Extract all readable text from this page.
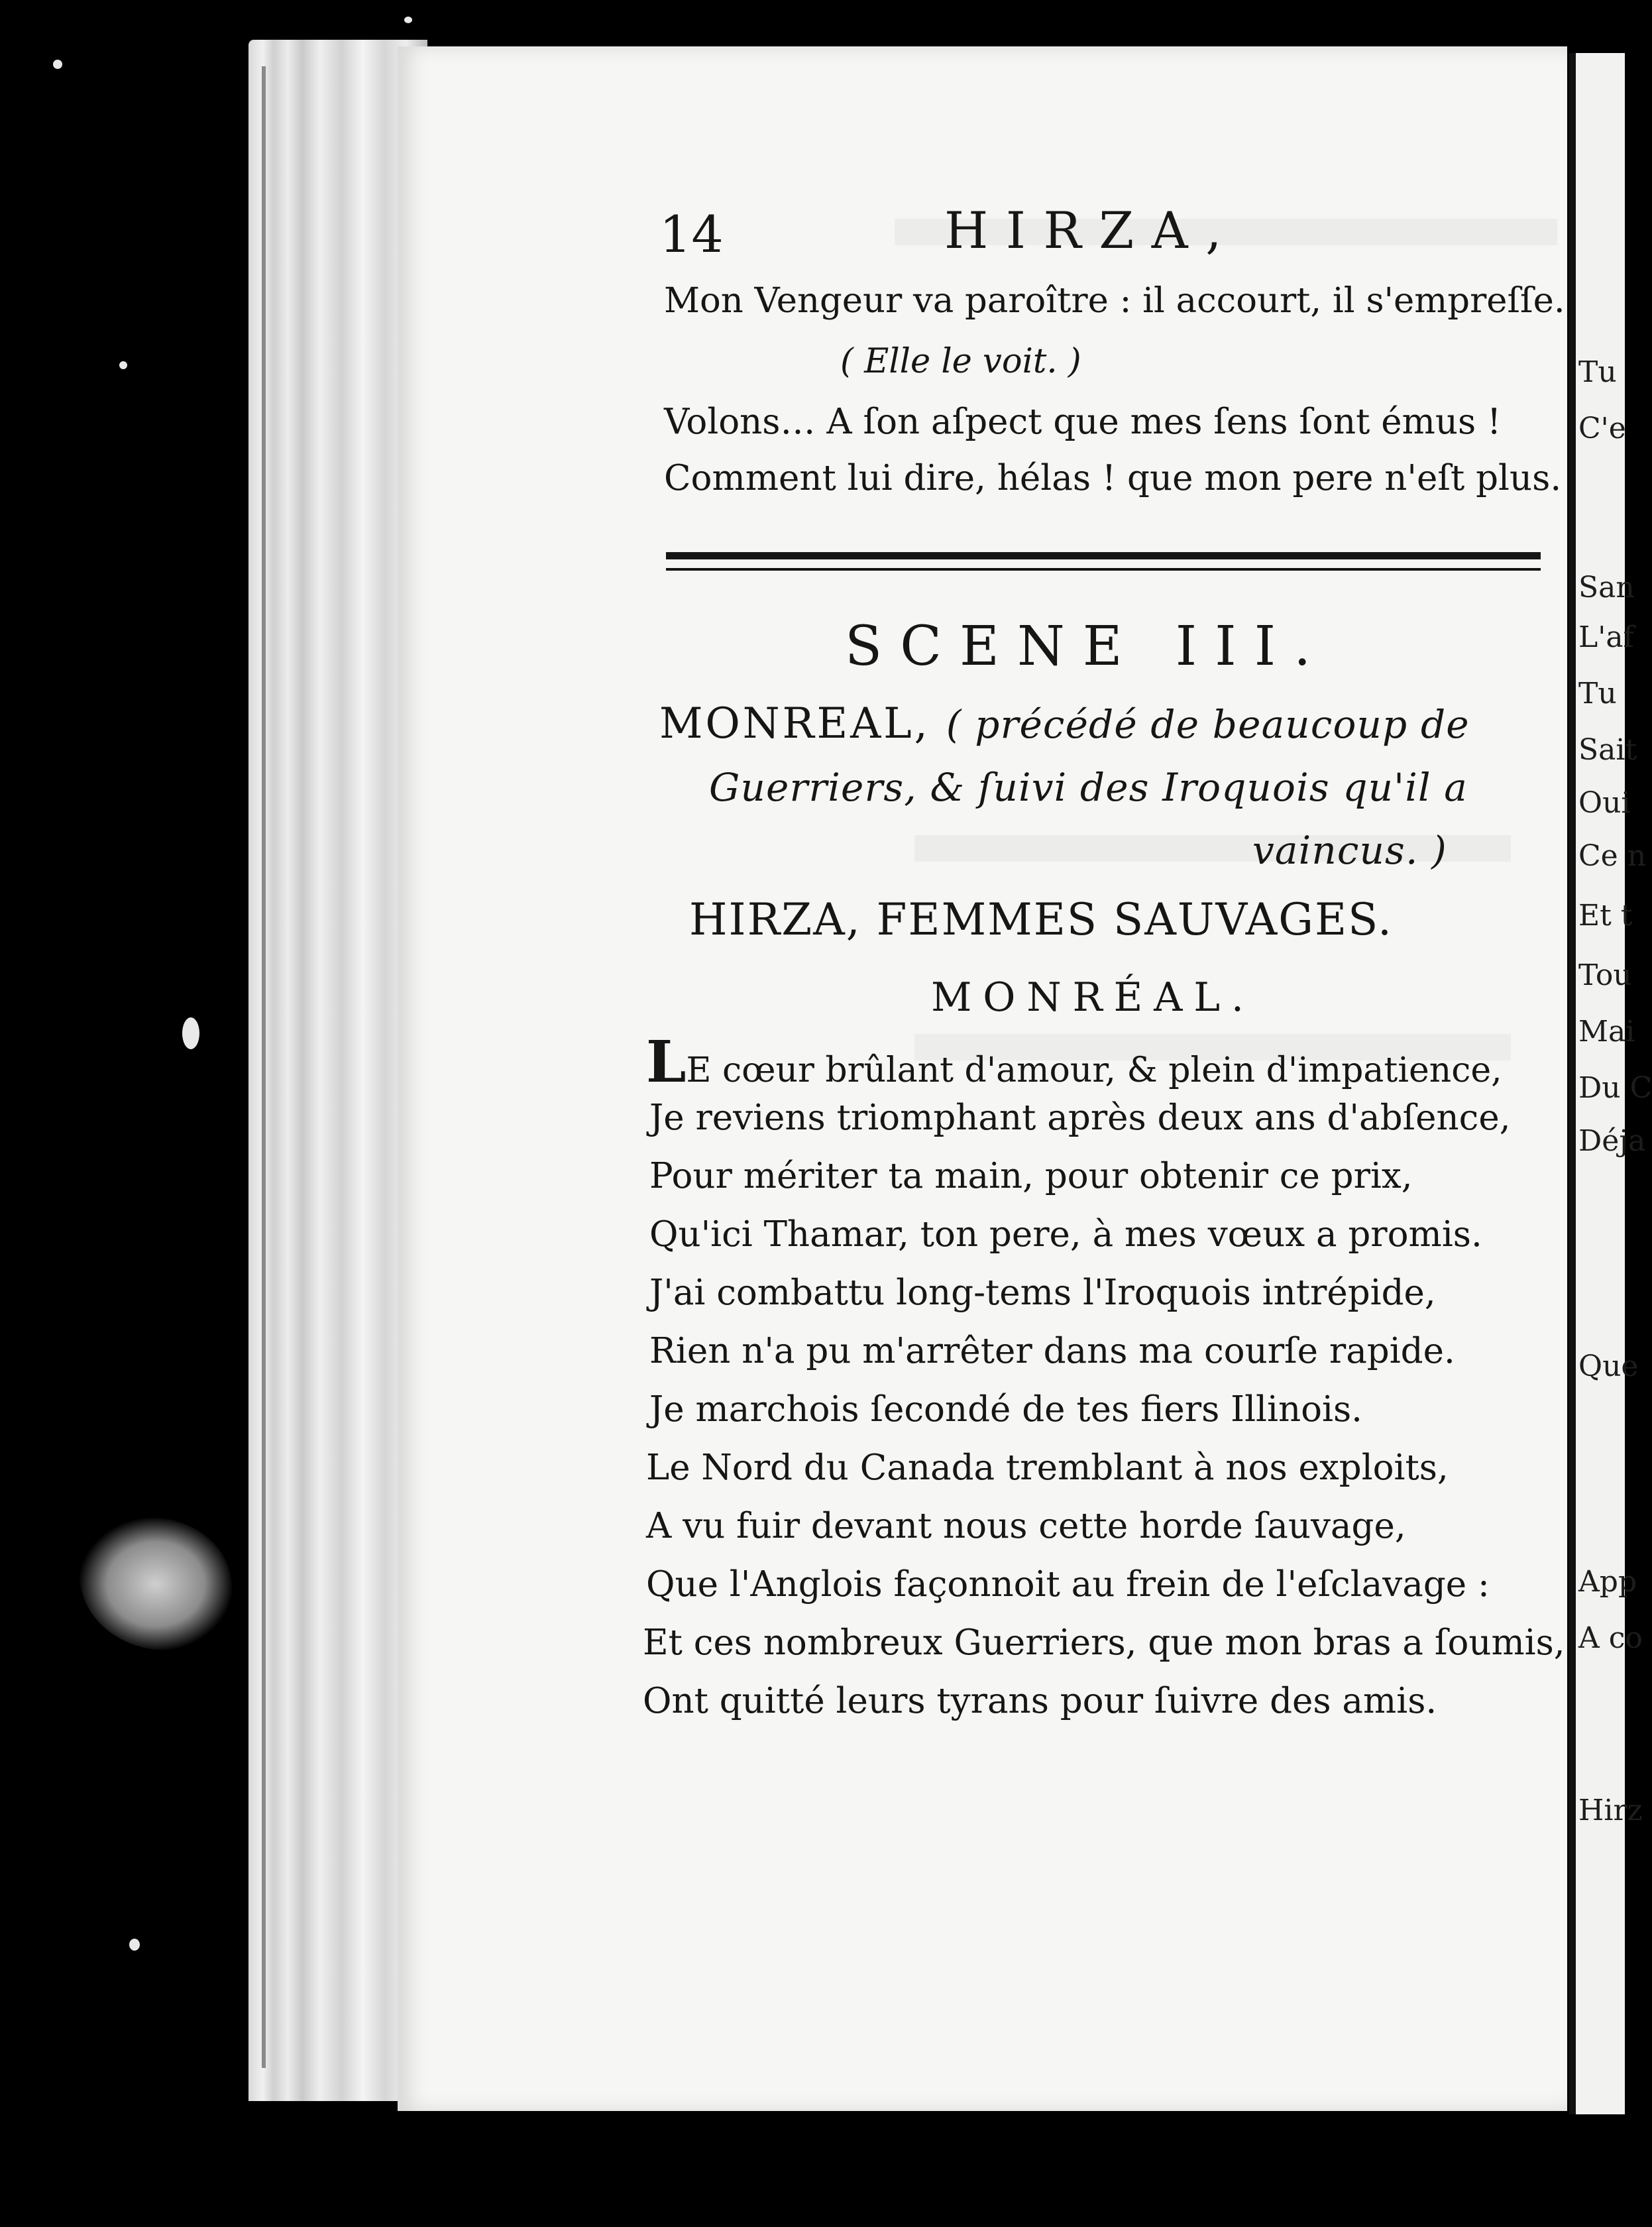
Tu
C'e
San
L'af
Tu
Sait
Oui
Ce n
Et t
Tou
Mai
Du C
Déja
Que
App
A co
Hirz
14	HIRZA,
Mon Vengeur va paroître : il accourt, il s'empreſſe.
( Elle le voit. )
Volons… A ſon aſpect que mes ſens ſont émus !
Comment lui dire, hélas ! que mon pere n'eſt plus.
SCENE III.
MONREAL, ( précédé de beaucoup de
Guerriers, & ſuivi des Iroquois qu'il a
vaincus. )
HIRZA, FEMMES SAUVAGES.
MONRÉAL.
LE cœur brûlant d'amour, & plein d'impatience,
Je reviens triomphant après deux ans d'abſence,
Pour mériter ta main, pour obtenir ce prix,
Qu'ici Thamar, ton pere, à mes vœux a promis.
J'ai combattu long-tems l'Iroquois intrépide,
Rien n'a pu m'arrêter dans ma courſe rapide.
Je marchois ſecondé de tes fiers Illinois.
Le Nord du Canada tremblant à nos exploits,
A vu fuir devant nous cette horde ſauvage,
Que l'Anglois façonnoit au frein de l'eſclavage :
Et ces nombreux Guerriers, que mon bras a ſoumis,
Ont quitté leurs tyrans pour ſuivre des amis.
